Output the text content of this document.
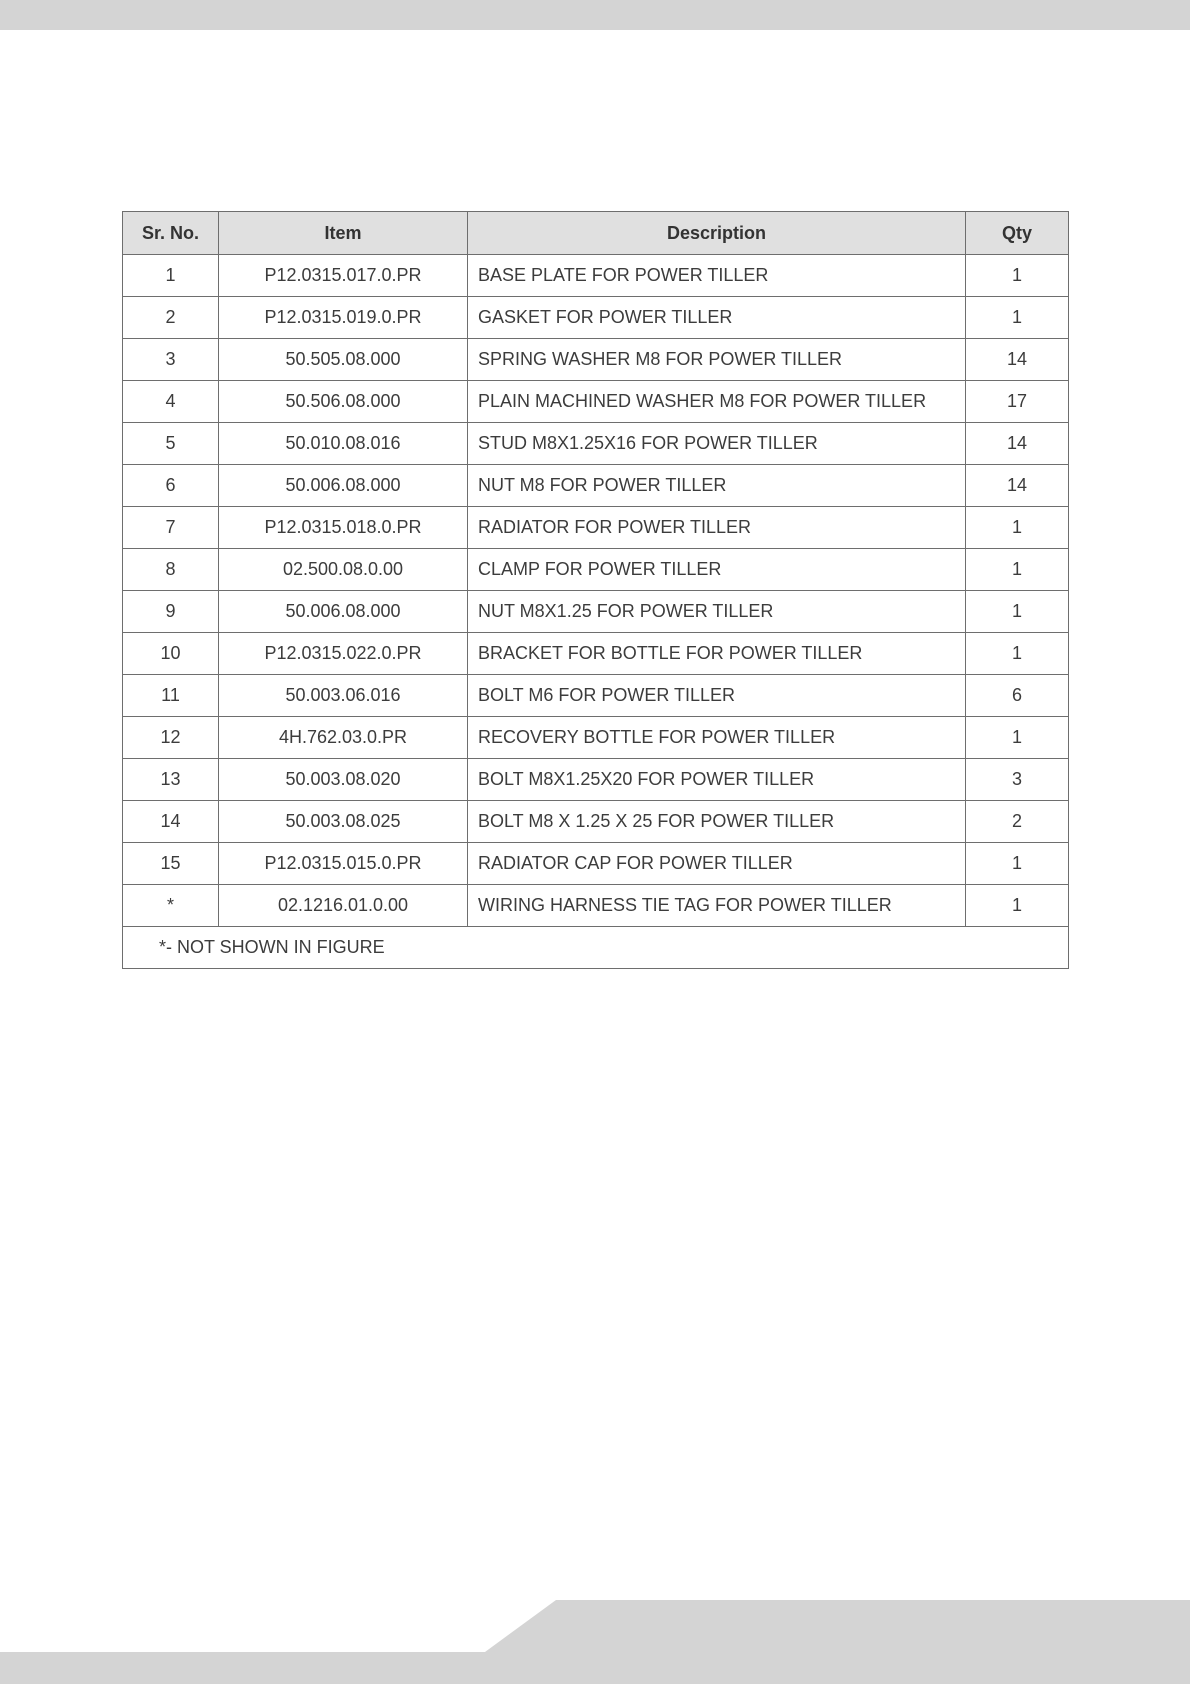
Sr. No.	Item	Description	Qty
1	P12.0315.017.0.PR	BASE PLATE FOR POWER TILLER	1
2	P12.0315.019.0.PR	GASKET FOR POWER TILLER	1
3	50.505.08.000	SPRING WASHER M8 FOR POWER TILLER	14
4	50.506.08.000	PLAIN MACHINED WASHER M8 FOR POWER TILLER	17
5	50.010.08.016	STUD M8X1.25X16 FOR POWER TILLER	14
6	50.006.08.000	NUT M8 FOR POWER TILLER	14
7	P12.0315.018.0.PR	RADIATOR FOR POWER TILLER	1
8	02.500.08.0.00	CLAMP FOR POWER TILLER	1
9	50.006.08.000	NUT M8X1.25 FOR POWER TILLER	1
10	P12.0315.022.0.PR	BRACKET FOR BOTTLE FOR POWER TILLER	1
11	50.003.06.016	BOLT M6 FOR POWER TILLER	6
12	4H.762.03.0.PR	RECOVERY BOTTLE FOR POWER TILLER	1
13	50.003.08.020	BOLT M8X1.25X20 FOR POWER TILLER	3
14	50.003.08.025	BOLT M8 X 1.25 X 25 FOR POWER TILLER	2
15	P12.0315.015.0.PR	RADIATOR CAP FOR POWER TILLER	1
*	02.1216.01.0.00	WIRING HARNESS TIE TAG FOR POWER TILLER	1
*- NOT SHOWN IN FIGURE			
